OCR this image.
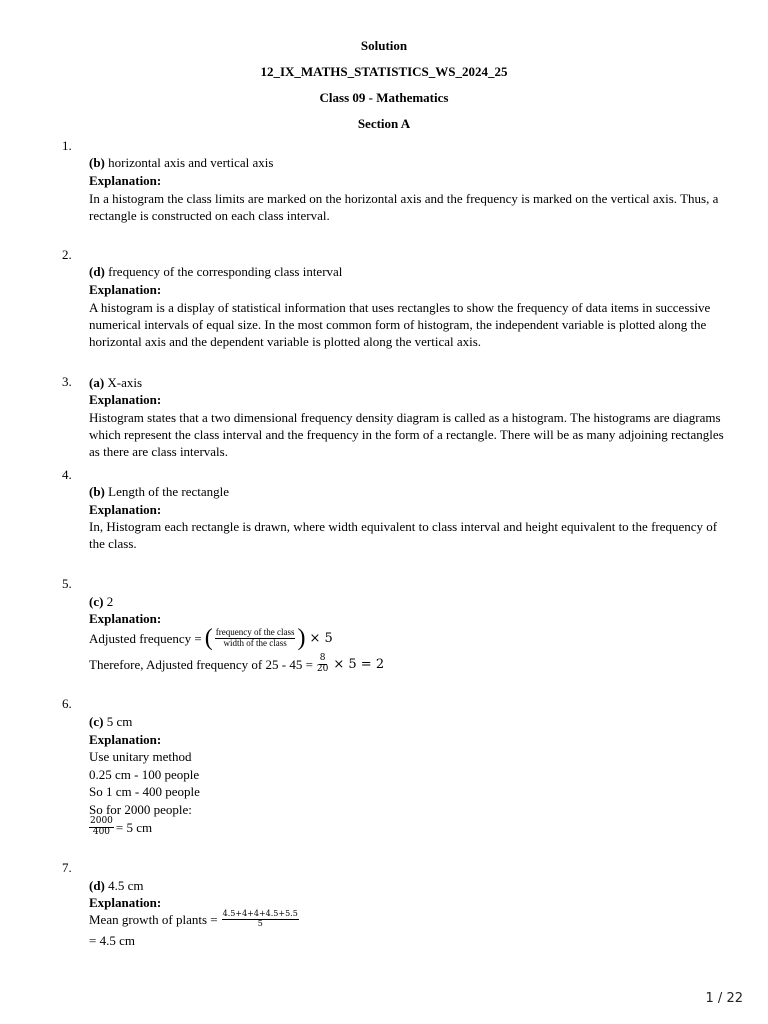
Solution
12_IX_MATHS_STATISTICS_WS_2024_25
Class 09 - Mathematics
Section A
1.
(b) horizontal axis and vertical axis
Explanation:
In a histogram the class limits are marked on the horizontal axis and the frequency is marked on the vertical axis. Thus, a rectangle is constructed on each class interval.
2.
(d) frequency of the corresponding class interval
Explanation:
A histogram is a display of statistical information that uses rectangles to show the frequency of data items in successive numerical intervals of equal size. In the most common form of histogram, the independent variable is plotted along the horizontal axis and the dependent variable is plotted along the vertical axis.
3. (a) X-axis
Explanation:
Histogram states that a two dimensional frequency density diagram is called as a histogram. The histograms are diagrams which represent the class interval and the frequency in the form of a rectangle. There will be as many adjoining rectangles as there are class intervals.
4.
(b) Length of the rectangle
Explanation:
In, Histogram each rectangle is drawn, where width equivalent to class interval and height equivalent to the frequency of the class.
5.
(c) 2
Explanation:
Adjusted frequency = ( $\frac{\text{frequency of the class}}{\text{width of the class}}$ ) × 5
Therefore, Adjusted frequency of $25 - 45 = \frac{8}{20} \times 5 = 2$
6.
(c) 5 cm
Explanation:
Use unitary method
0.25 cm - 100 people
So 1 cm - 400 people
So for 2000 people:
$\frac{2000}{400} = 5$ cm
7.
(d) 4.5 cm
Explanation:
Mean growth of plants = $\frac{4.5+4+4+4.5+5.5}{5}$
= 4.5 cm
1 / 22
